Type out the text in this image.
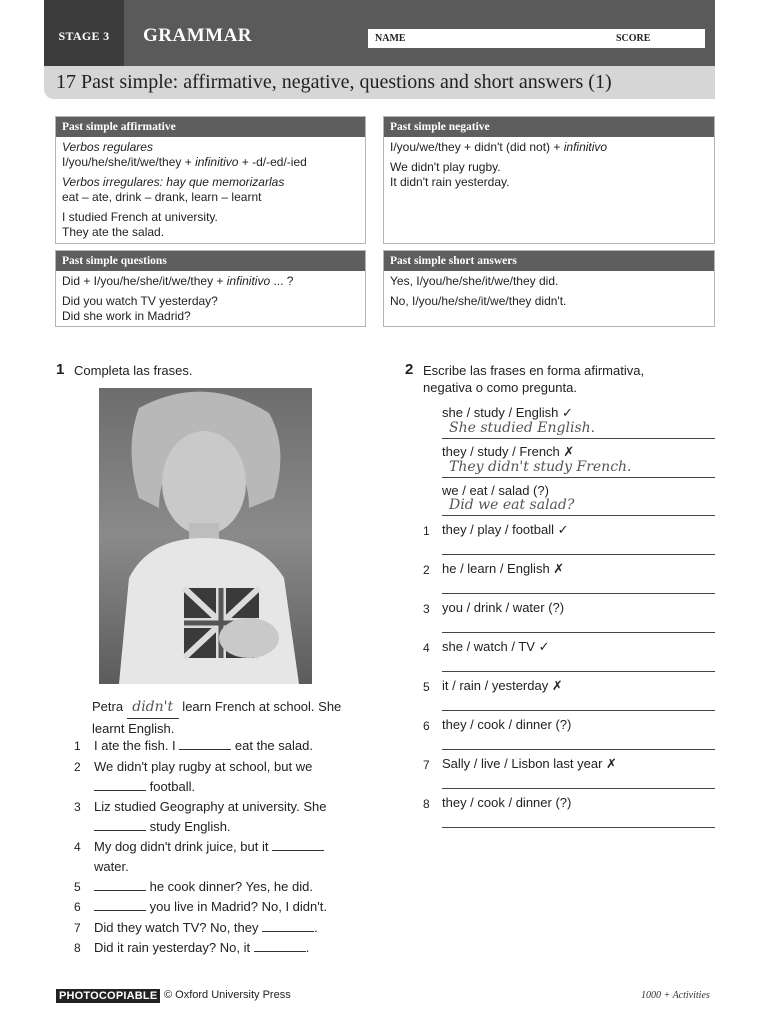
STAGE 3	GRAMMAR	NAME	SCORE
17 Past simple: affirmative, negative, questions and short answers (1)
Past simple affirmative

Verbos regulares

I/you/he/she/it/we/they + infinitivo + -d/-ed/-ied

Verbos irregulares: hay que memorizarlas

eat – ate, drink – drank, learn – learnt

I studied French at university.

They ate the salad.

Past simple negative

I/you/we/they + didn't (did not) + infinitivo

We didn't play rugby.

It didn't rain yesterday.

Past simple questions

Did + I/you/he/she/it/we/they + infinitivo ... ?

Did you watch TV yesterday?

Did she work in Madrid?

Past simple short answers

Yes, I/you/he/she/it/we/they did.

No, I/you/he/she/it/we/they didn't.

1 Completa las frases.
Petra didn't learn French at school. She
learnt English.
1 I ate the fish. I	eat the salad.
2 We didn't play rugby at school, but we
football.
3 Liz studied Geography at university. She
study English.
4 My dog didn't drink juice, but it
water.
5	he cook dinner? Yes, he did.
6	you live in Madrid? No, I didn't.
7 Did they watch TV? No, they	.
8 Did it rain yesterday? No, it	.
2 Escribe las frases en forma afirmativa,
negativa o como pregunta.
she / study / English ✓
She studied English.
they / study / French ✗
They didn't study French.
we / eat / salad (?)
Did we eat salad?
1 they / play / football ✓
2 he / learn / English ✗
3 you / drink / water (?)
4 she / watch / TV ✓
5 it / rain / yesterday ✗
6 they / cook / dinner (?)
7 Sally / live / Lisbon last year ✗
8 they / cook / dinner (?)
PHOTOCOPIABLE © Oxford University Press	1000 + Activities
